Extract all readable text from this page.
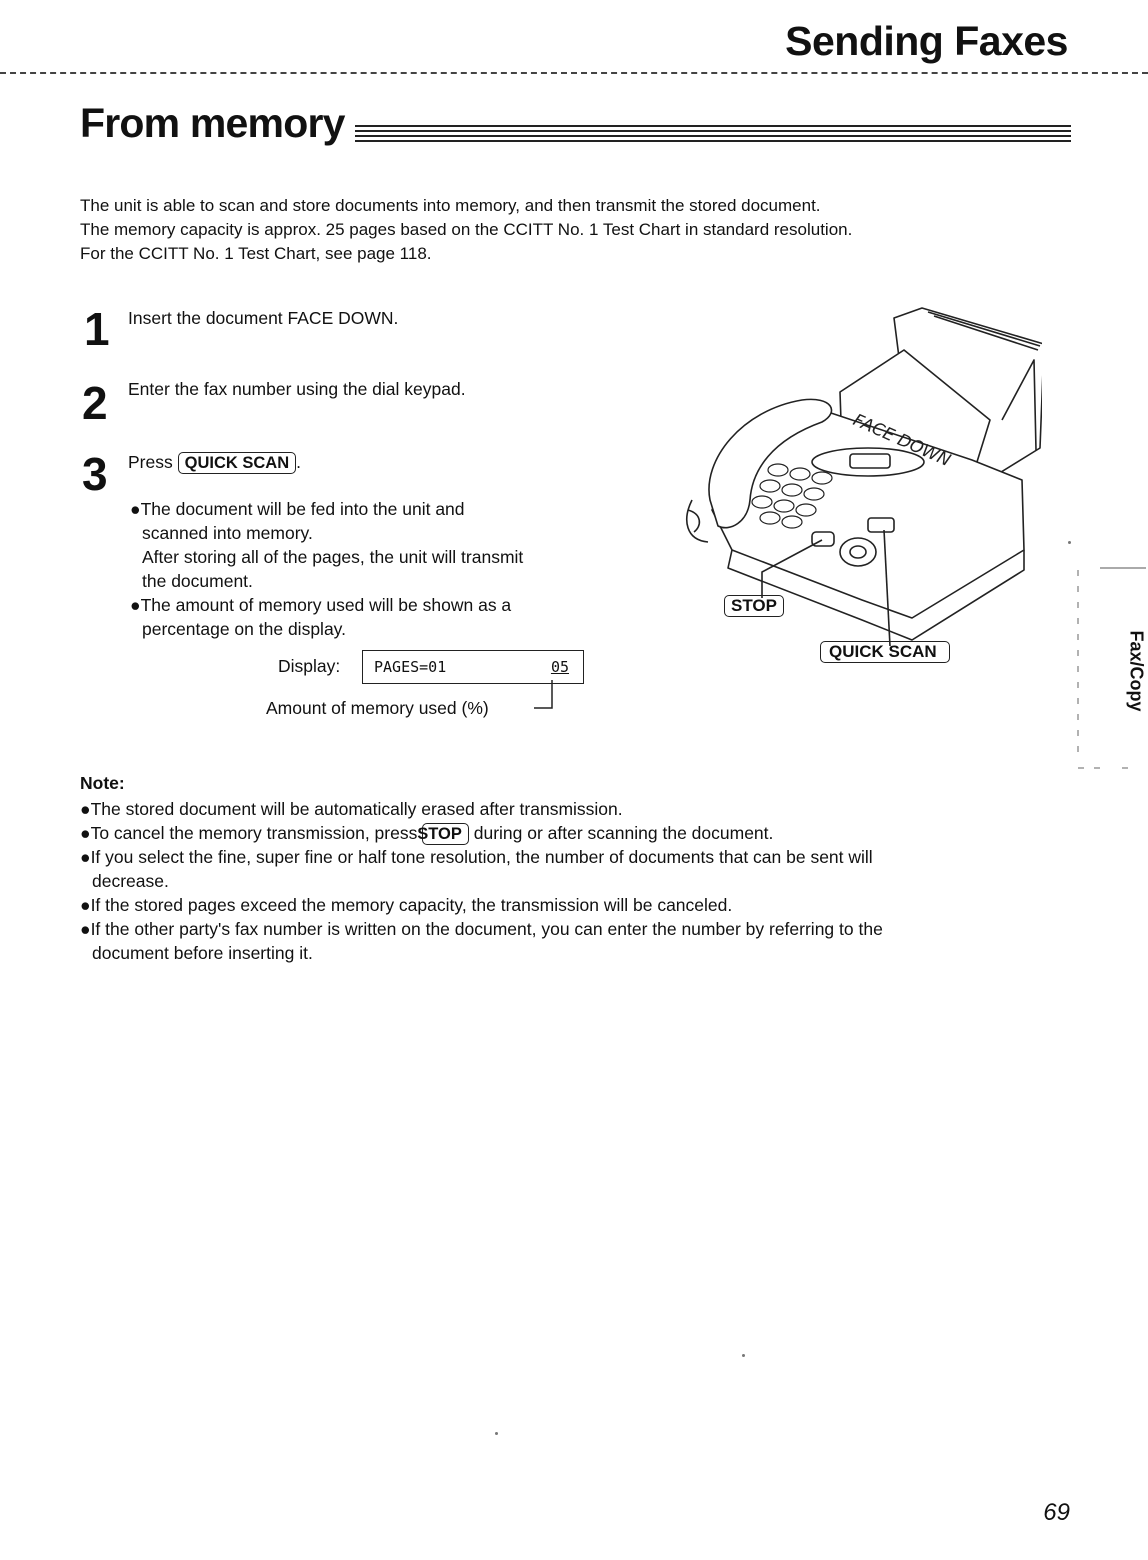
Sending Faxes
From memory
The unit is able to scan and store documents into memory, and then transmit the stored document.
The memory capacity is approx. 25 pages based on the CCITT No. 1 Test Chart in standard resolution.
For the CCITT No. 1 Test Chart, see page 118.
1 Insert the document FACE DOWN.
2 Enter the fax number using the dial keypad.
3 Press QUICK SCAN .
●The document will be fed into the unit and
scanned into memory.
After storing all of the pages, the unit will transmit
the document.
●The amount of memory used will be shown as a
percentage on the display.
Display: PAGES=01	05
Amount of memory used (%)
FACE DOWN
STOP
QUICK SCAN
Note:
●The stored document will be automatically erased after transmission.
●To cancel the memory transmission, press STOP during or after scanning the document.
●If you select the fine, super fine or half tone resolution, the number of documents that can be sent will
decrease.
●If the stored pages exceed the memory capacity, the transmission will be canceled.
●If the other party's fax number is written on the document, you can enter the number by referring to the
document before inserting it.
Fax/Copy
69
